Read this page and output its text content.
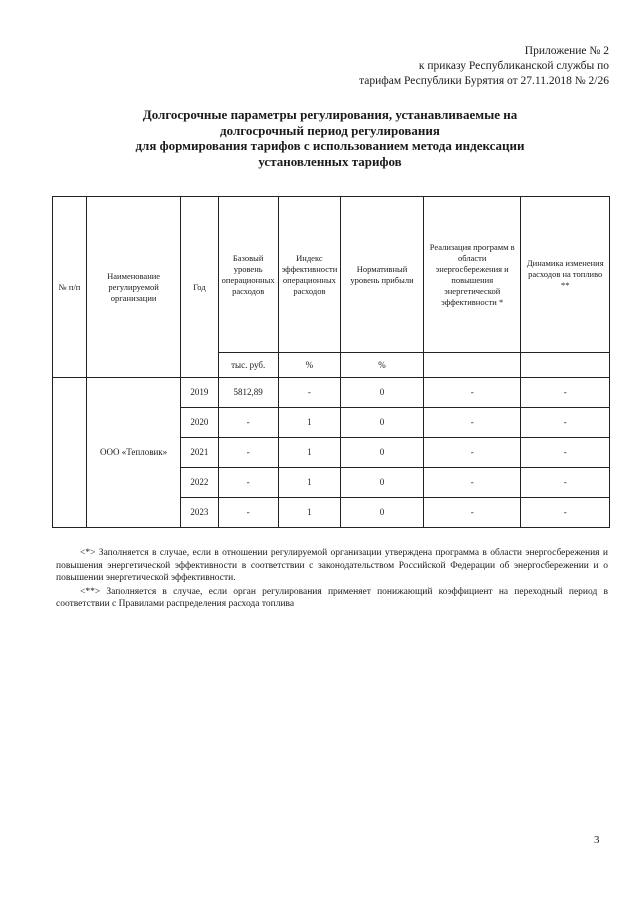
Приложение № 2
к приказу Республиканской службы по
тарифам Республики Бурятия от 27.11.2018 № 2/26
Долгосрочные параметры регулирования, устанавливаемые на
долгосрочный период регулирования
для формирования тарифов с использованием метода индексации
установленных тарифов
№ п/п	Наименование регулируемой организации	Год	Базовый уровень операционных расходов	Индекс эффективности операционных расходов	Нормативный уровень прибыли	Реализация программ в области энергосбережения и повышения энергетической эффективности *	Динамика изменения расходов на топливо **
			тыс. руб.	%	%		
	ООО «Тепловик»	2019	5812,89	-	0	-	-
		2020	-	1	0	-	-
		2021	-	1	0	-	-
		2022	-	1	0	-	-
		2023	-	1	0	-	-

<*> Заполняется в случае, если в отношении регулируемой организации утверждена программа в области энергосбережения и повышения энергетической эффективности в соответствии с законодательством Российской Федерации об энергосбережении и о повышении энергетической эффективности.

<**> Заполняется в случае, если орган регулирования применяет понижающий коэффициент на переходный период в соответствии с Правилами распределения расхода топлива

3
